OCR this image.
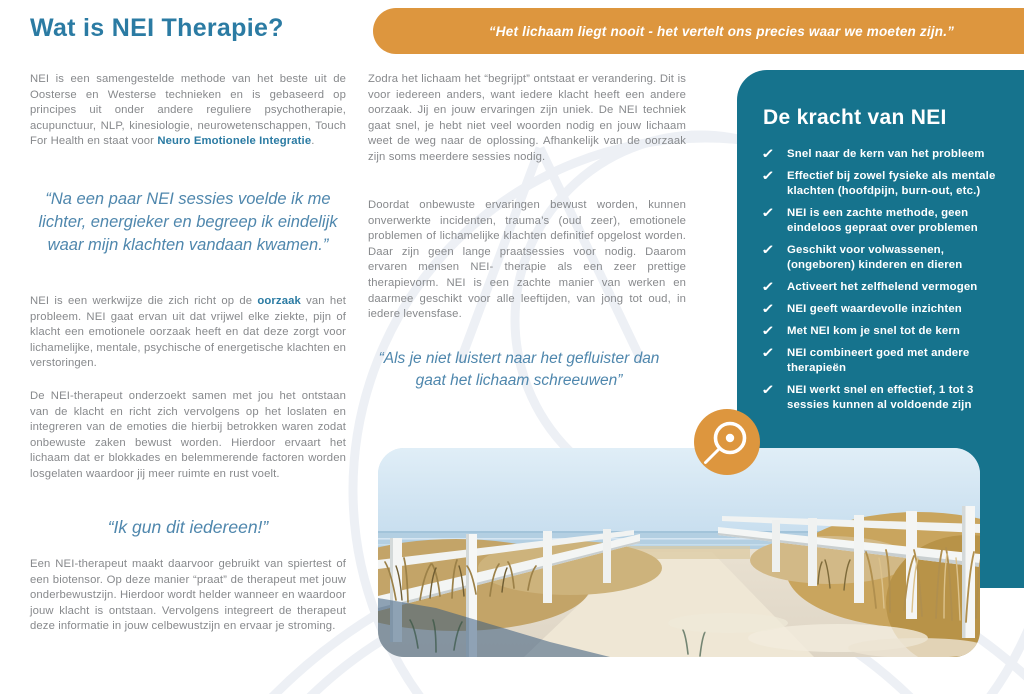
Wat is NEI Therapie?

NEI is een samengestelde methode van het beste uit de Oosterse en Westerse technieken en is gebaseerd op principes uit onder andere reguliere psychotherapie, acupunctuur, NLP, kinesiologie, neurowetenschappen, Touch For Health en staat voor Neuro Emotionele Integratie.

“Na een paar NEI sessies voelde ik me lichter, energieker en begreep ik eindelijk waar mijn klachten vandaan kwamen.”

NEI is een werkwijze die zich richt op de oorzaak van het probleem. NEI gaat ervan uit dat vrijwel elke ziekte, pijn of klacht een emotionele oorzaak heeft en dat deze zorgt voor lichamelijke, mentale, psychische of energetische klachten en verstoringen.

De NEI-therapeut onderzoekt samen met jou het ontstaan van de klacht en richt zich vervolgens op het loslaten en integreren van de emoties die hierbij betrokken waren zodat onbewuste zaken bewust worden. Hierdoor ervaart het lichaam dat er blokkades en belemmerende factoren worden losgelaten waardoor jij meer ruimte en rust voelt.

“Ik gun dit iedereen!”

Een NEI-therapeut maakt daarvoor gebruikt van spiertest of een biotensor. Op deze manier “praat” de therapeut met jouw onderbewustzijn. Hierdoor wordt helder wanneer en waardoor jouw klacht is ontstaan. Vervolgens integreert de therapeut deze informatie in jouw celbewustzijn en ervaar je stroming.

“Het lichaam liegt nooit - het vertelt ons precies waar we moeten zijn.”

Zodra het lichaam het “begrijpt” ontstaat er verandering. Dit is voor iedereen anders, want iedere klacht heeft een andere oorzaak. Jij en jouw ervaringen zijn uniek. De NEI techniek gaat snel, je hebt niet veel woorden nodig en jouw lichaam weet de weg naar de oplossing. Afhankelijk van de oorzaak zijn soms meerdere sessies nodig.

Doordat onbewuste ervaringen bewust worden, kunnen onverwerkte incidenten, trauma’s (oud zeer), emotionele problemen of lichamelijke klachten definitief opgelost worden. Daar zijn geen lange praatsessies voor nodig. Daarom ervaren mensen NEI- therapie als een zeer prettige therapievorm. NEI is een zachte manier van werken en daarmee geschikt voor alle leeftijden, van jong tot oud, in iedere levensfase.

“Als je niet luistert naar het gefluister dan gaat het lichaam schreeuwen”

De kracht van NEI
✓	Snel naar de kern van het probleem
✓	Effectief bij zowel fysieke als mentale klachten (hoofdpijn, burn-out, etc.)
✓	NEI is een zachte methode, geen eindeloos gepraat over problemen
✓	Geschikt voor volwassenen, (ongeboren) kinderen en dieren
✓	Activeert het zelfhelend vermogen
✓	NEI geeft waardevolle inzichten
✓	Met NEI kom je snel tot de kern
✓	NEI combineert goed met andere therapieën
✓	NEI werkt snel en effectief, 1 tot 3 sessies kunnen al voldoende zijn
